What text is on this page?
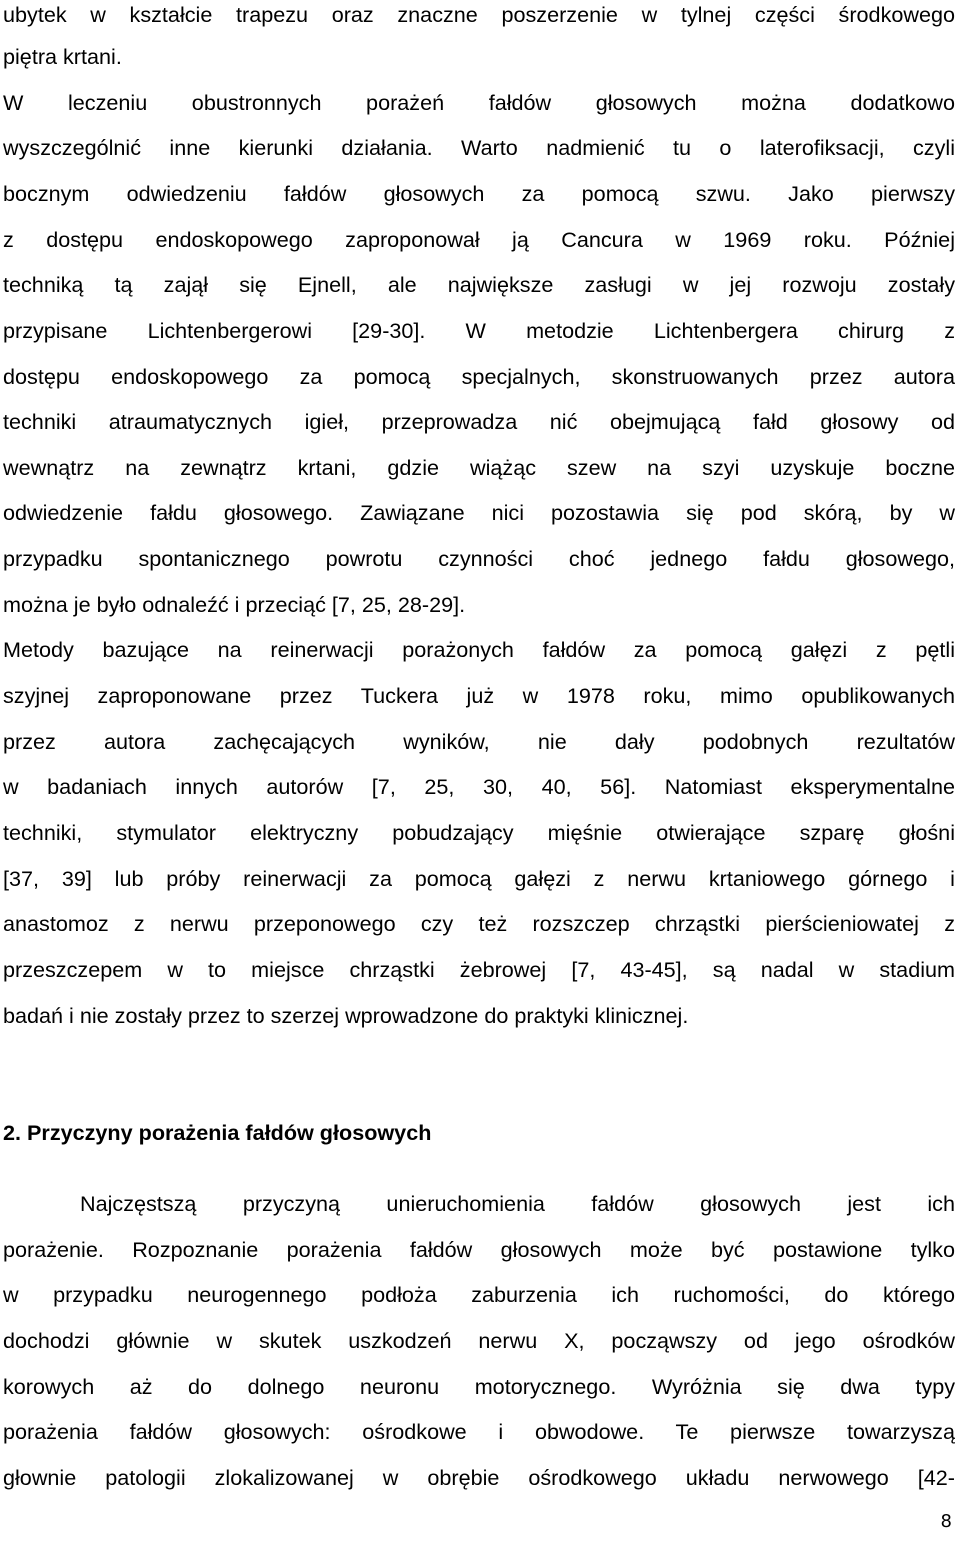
ubytek w kształcie trapezu oraz znaczne poszerzenie w tylnej części środkowego
piętra krtani.
W leczeniu obustronnych porażeń fałdów głosowych można dodatkowo
wyszczególnić inne kierunki działania. Warto nadmienić tu o laterofiksacji, czyli
bocznym odwiedzeniu fałdów głosowych za pomocą szwu. Jako pierwszy
z dostępu endoskopowego zaproponował ją Cancura w 1969 roku. Później
techniką tą zajął się Ejnell, ale największe zasługi w jej rozwoju zostały
przypisane Lichtenbergerowi [29-30]. W metodzie Lichtenbergera chirurg z
dostępu endoskopowego za pomocą specjalnych, skonstruowanych przez autora
techniki atraumatycznych igieł, przeprowadza nić obejmującą fałd głosowy od
wewnątrz na zewnątrz krtani, gdzie wiążąc szew na szyi uzyskuje boczne
odwiedzenie fałdu głosowego. Zawiązane nici pozostawia się pod skórą, by w
przypadku spontanicznego powrotu czynności choć jednego fałdu głosowego,
można je było odnaleźć i przeciąć [7, 25, 28-29].
Metody bazujące na reinerwacji porażonych fałdów za pomocą gałęzi z pętli
szyjnej zaproponowane przez Tuckera już w 1978 roku, mimo opublikowanych
przez autora zachęcających wyników, nie dały podobnych rezultatów
w badaniach innych autorów [7, 25, 30, 40, 56]. Natomiast eksperymentalne
techniki, stymulator elektryczny pobudzający mięśnie otwierające szparę głośni
[37, 39] lub próby reinerwacji za pomocą gałęzi z nerwu krtaniowego górnego i
anastomoz z nerwu przeponowego czy też rozszczep chrząstki pierścieniowatej z
przeszczepem w to miejsce chrząstki żebrowej [7, 43-45], są nadal w stadium
badań i nie zostały przez to szerzej wprowadzone do praktyki klinicznej.
2. Przyczyny porażenia fałdów głosowych
Najczęstszą przyczyną unieruchomienia fałdów głosowych jest ich
porażenie. Rozpoznanie porażenia fałdów głosowych może być postawione tylko
w przypadku neurogennego podłoża zaburzenia ich ruchomości, do którego
dochodzi głównie w skutek uszkodzeń nerwu X, począwszy od jego ośrodków
korowych aż do dolnego neuronu motorycznego. Wyróżnia się dwa typy
porażenia fałdów głosowych: ośrodkowe i obwodowe. Te pierwsze towarzyszą
głownie patologii zlokalizowanej w obrębie ośrodkowego układu nerwowego [42-
8
